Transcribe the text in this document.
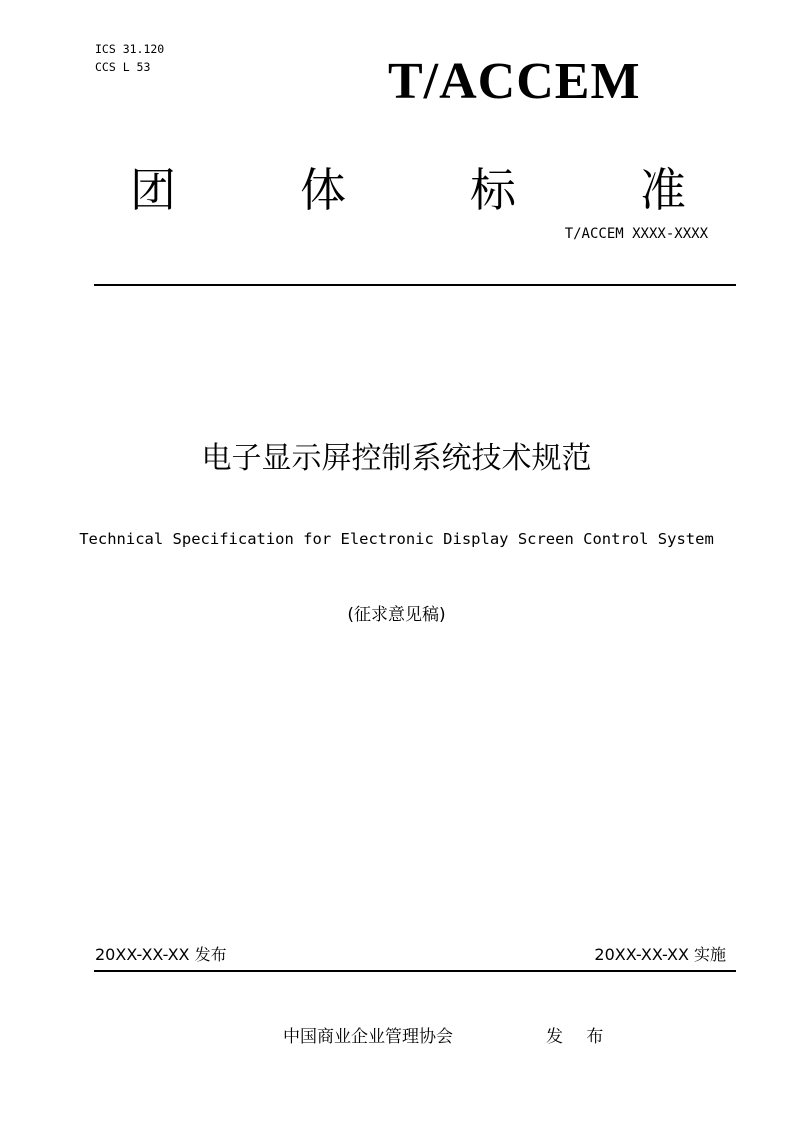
ICS 31.120
CCS L 53	T/ACCEM
团	体	标	准
T/ACCEM XXXX-XXXX
电子显示屏控制系统技术规范
Technical Specification for Electronic Display Screen Control System
(征求意见稿)
20XX-XX-XX 发布	20XX-XX-XX 实施
中国商业企业管理协会	发 布
